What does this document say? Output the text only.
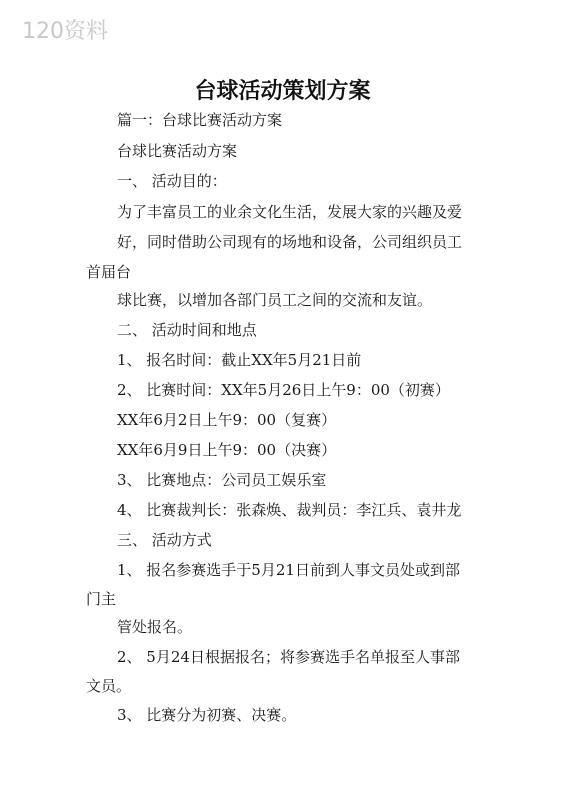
120资料
台球活动策划方案
篇一：台球比赛活动方案
台球比赛活动方案
一、 活动目的：
为了丰富员工的业余文化生活，发展大家的兴趣及爱
好，同时借助公司现有的场地和设备，公司组织员工
首届台
球比赛，以增加各部门员工之间的交流和友谊。
二、 活动时间和地点
1、 报名时间：截止XX年5月21日前
2、 比赛时间：XX年5月26日上午9：00（初赛）
XX年6月2日上午9：00（复赛）
XX年6月9日上午9：00（决赛）
3、 比赛地点：公司员工娱乐室
4、 比赛裁判长：张森焕、裁判员：李江兵、袁井龙
三、 活动方式
1、 报名参赛选手于5月21日前到人事文员处或到部
门主
管处报名。
2、 5月24日根据报名；将参赛选手名单报至人事部
文员。
3、 比赛分为初赛、决赛。
